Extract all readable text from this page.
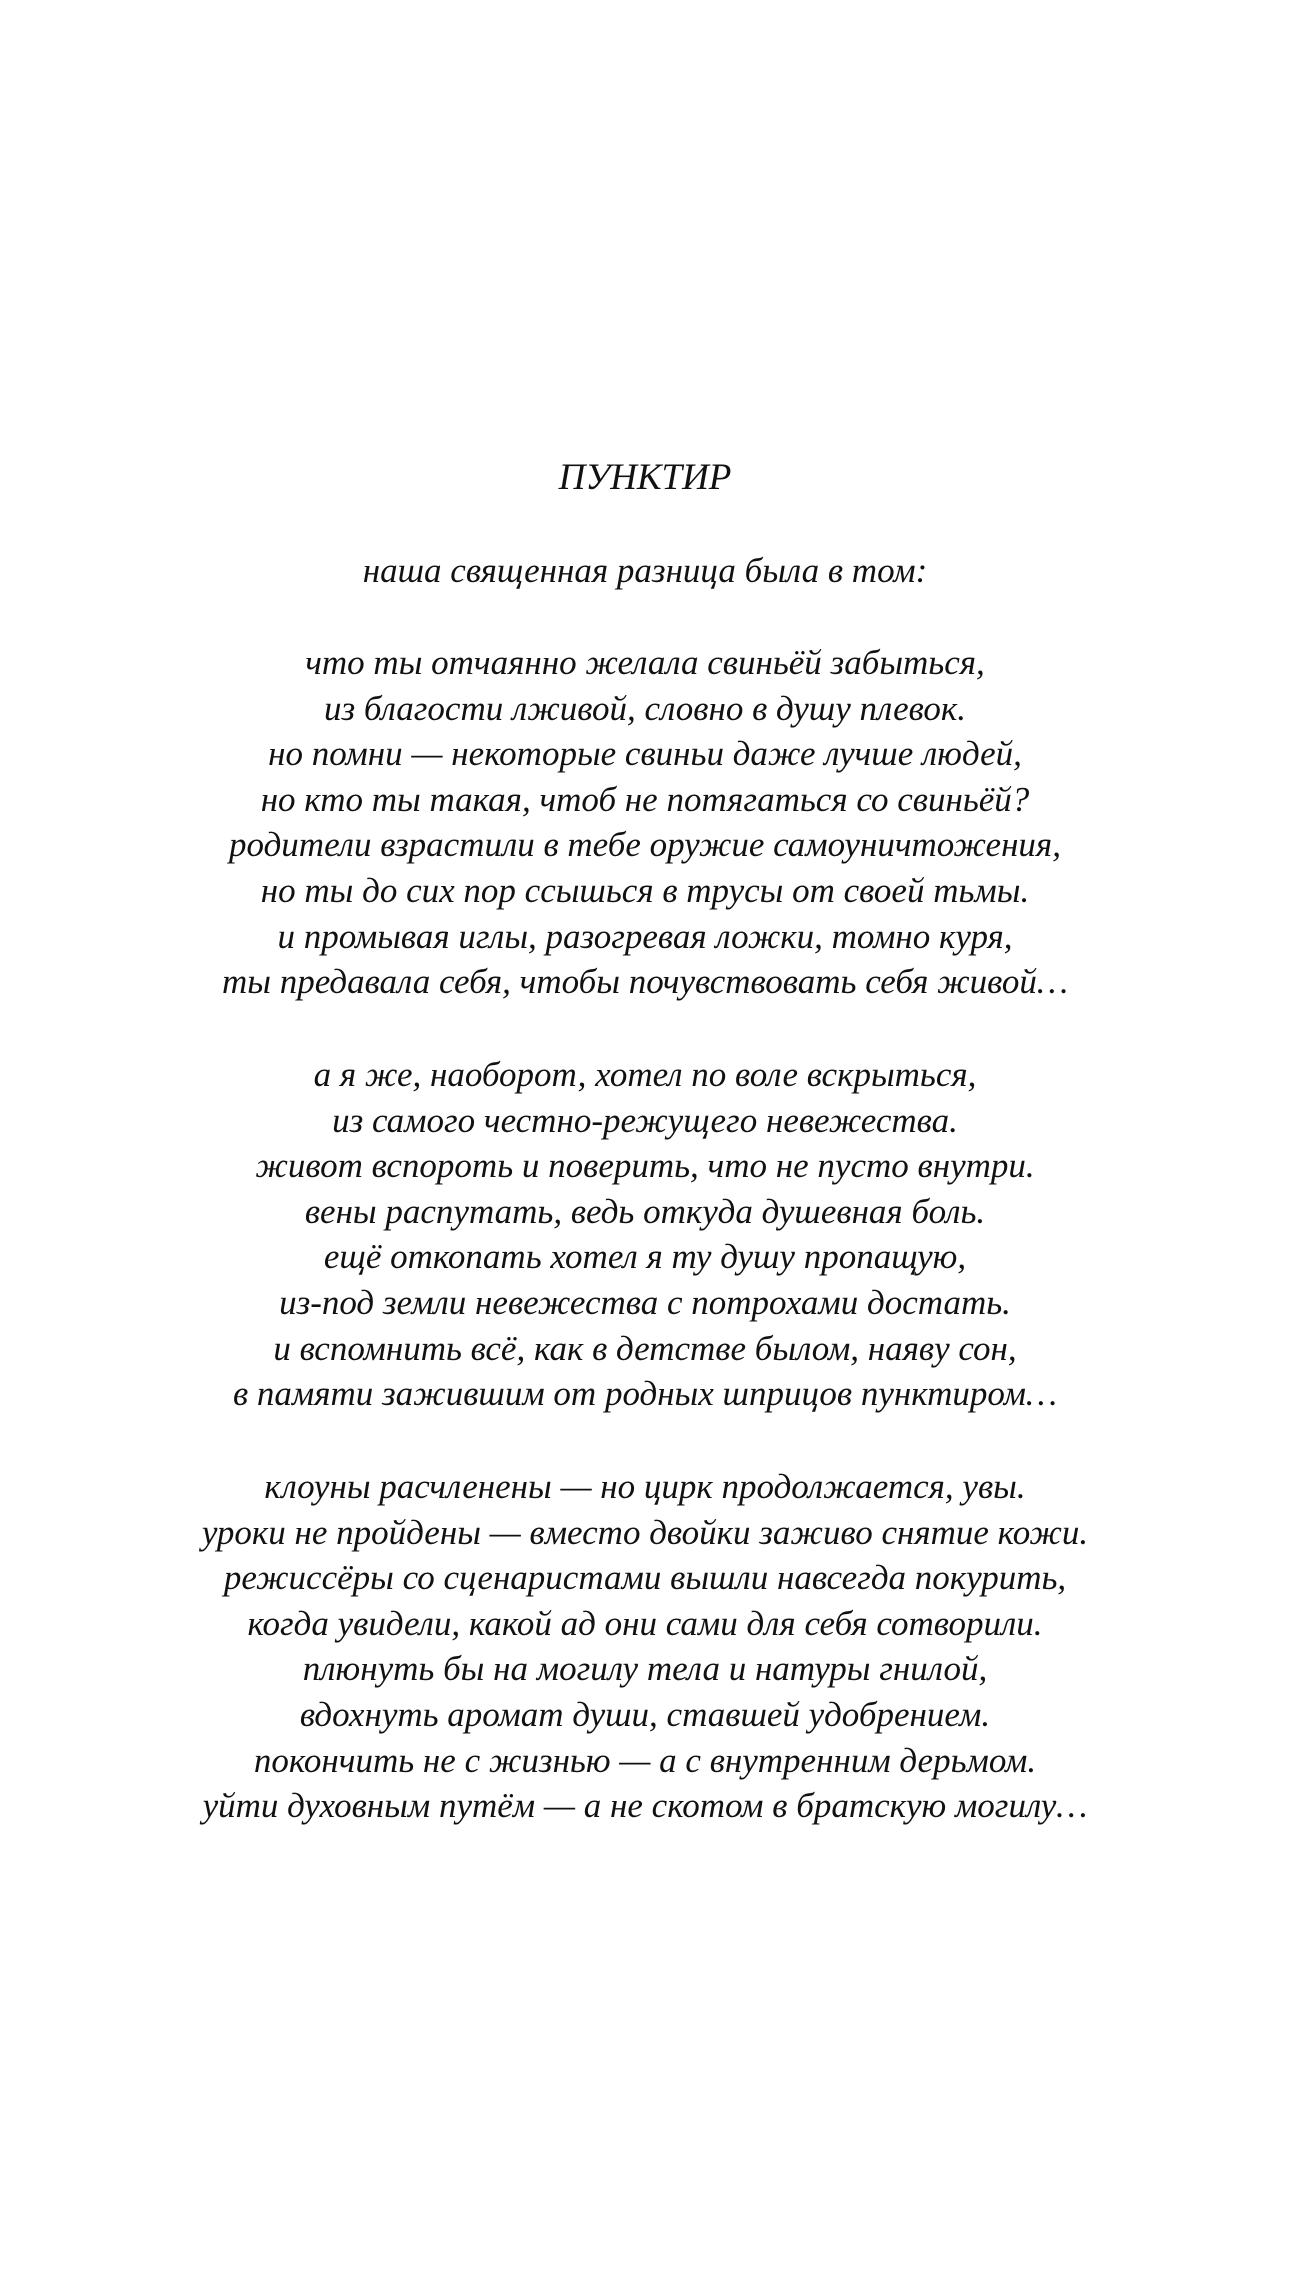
ПУНКТИР

наша священная разница была в том:

что ты отчаянно желала свиньёй забыться,
из благости лживой, словно в душу плевок.
но помни — некоторые свиньи даже лучше людей,
но кто ты такая, чтоб не потягаться со свиньёй?
родители взрастили в тебе оружие самоуничтожения,
но ты до сих пор ссышься в трусы от своей тьмы.
и промывая иглы, разогревая ложки, томно куря,
ты предавала себя, чтобы почувствовать себя живой…

а я же, наоборот, хотел по воле вскрыться,
из самого честно-режущего невежества.
живот вспороть и поверить, что не пусто внутри.
вены распутать, ведь откуда душевная боль.
ещё откопать хотел я ту душу пропащую,
из-под земли невежества с потрохами достать.
и вспомнить всё, как в детстве былом, наяву сон,
в памяти зажившим от родных шприцов пунктиром…

клоуны расчленены — но цирк продолжается, увы.
уроки не пройдены — вместо двойки заживо снятие кожи.
режиссёры со сценаристами вышли навсегда покурить,
когда увидели, какой ад они сами для себя сотворили.
плюнуть бы на могилу тела и натуры гнилой,
вдохнуть аромат души, ставшей удобрением.
покончить не с жизнью — а с внутренним дерьмом.
уйти духовным путём — а не скотом в братскую могилу…
